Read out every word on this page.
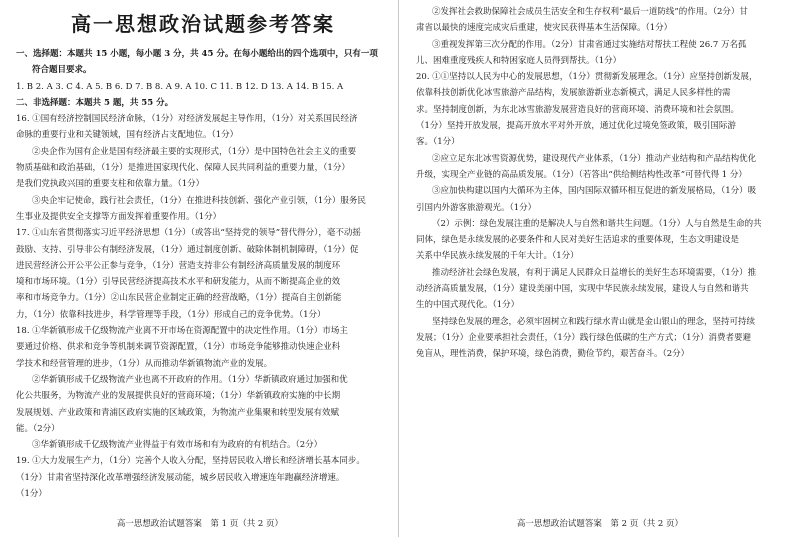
高一思想政治试题参考答案
一、选择题：本题共 15 小题，每小题 3 分，共 45 分。在每小题给出的四个选项中，只有一项
符合题目要求。
1. B 2. A 3. C 4. A 5. B 6. D 7. B 8. A 9. A 10. C 11. B 12. D 13. A 14. B 15. A
二、非选择题：本题共 5 题，共 55 分。
16. ①国有经济控制国民经济命脉，（1分）对经济发展起主导作用，（1分）对关系国民经济
命脉的重要行业和关键领域，国有经济占支配地位。（1分）
②央企作为国有企业是国有经济最主要的实现形式，（1分）是中国特色社会主义的重要
物质基础和政治基础，（1分）是推进国家现代化、保障人民共同利益的重要力量，（1分）
是我们党执政兴国的重要支柱和依靠力量。（1分）
③央企牢记使命，践行社会责任，（1分）在推进科技创新、强化产业引领，（1分）服务民
生事业及提供安全支撑等方面发挥着重要作用。（1分）
17. ①山东省贯彻落实习近平经济思想（1分）（或答出“坚持党的领导”替代得分），毫不动摇
鼓励、支持、引导非公有制经济发展，（1分）通过制度创新、破除体制机制障碍，（1分）促
进民营经济公开公平公正参与竞争，（1分）营造支持非公有制经济高质量发展的制度环
境和市场环境。（1分）引导民营经济提高技术水平和研发能力，从而不断提高企业的效
率和市场竞争力。（1分）②山东民营企业制定正确的经营战略，（1分）提高自主创新能
力，（1分）依靠科技进步，科学管理等手段，（1分）形成自己的竞争优势。（1分）
18. ①华新镇形成千亿级物流产业离不开市场在资源配置中的决定性作用。（1分）市场主
要通过价格、供求和竞争等机制来调节资源配置，（1分）市场竞争能够推动快速企业科
学技术和经营管理的进步，（1分）从而推动华新镇物流产业的发展。
②华新镇形成千亿级物流产业也离不开政府的作用。（1分）华新镇政府通过加强和优
化公共服务，为物流产业的发展提供良好的营商环境；（1分）华新镇政府实施的中长期
发展规划、产业政策和青浦区政府实施的区域政策，为物流产业集聚和转型发展有效赋
能。（2分）
③华新镇形成千亿级物流产业得益于有效市场和有为政府的有机结合。（2分）
19. ①大力发展生产力，（1分）完善个人收入分配，坚持居民收入增长和经济增长基本同步。
（1分）甘肃省坚持深化改革增强经济发展动能，城乡居民收入增速连年跑赢经济增速。
（1分）
高一思想政治试题答案　第 1 页（共 2 页）
②发挥社会救助保障社会成员生活安全和生存权利“最后一道防线”的作用。（2分）甘
肃省以最快的速度完成灾后重建，使灾民获得基本生活保障。（1分）
③重视发挥第三次分配的作用。（2分）甘肃省通过实施结对帮扶工程使 26.7 万名孤
儿、困难重度残疾人和特困家庭人员得到帮扶。（1分）
20. ①①坚持以人民为中心的发展思想，（1分）贯彻新发展理念。（1分）应坚持创新发展，
依靠科技创新优化冰雪旅游产品结构，发展旅游新业态新模式，满足人民多样性的需
求。坚持制度创新，为东北冰雪旅游发展营造良好的营商环境、消费环境和社会氛围。
（1分）坚持开放发展，提高开放水平对外开放，通过优化过境免签政策，吸引国际游
客。（1分）
②应立足东北冰雪资源优势，建设现代产业体系，（1分）推动产业结构和产品结构优化
升级，实现全产业链的高品质发展。（1分）（若答出“供给侧结构性改革”可替代得 1 分）
③应加快构建以国内大循环为主体，国内国际双循环相互促进的新发展格局，（1分）吸
引国内外游客旅游观光。（1分）
（2）示例：绿色发展注重的是解决人与自然和谐共生问题。（1分）人与自然是生命的共
同体，绿色是永续发展的必要条件和人民对美好生活追求的重要体现，生态文明建设是
关系中华民族永续发展的千年大计。（1分）
推动经济社会绿色发展，有利于满足人民群众日益增长的美好生态环境需要，（1分）推
动经济高质量发展，（1分）建设美丽中国，实现中华民族永续发展，建设人与自然和谐共
生的中国式现代化。（1分）
坚持绿色发展的理念，必须牢固树立和践行绿水青山就是金山银山的理念，坚持可持续
发展；（1分）企业要承担社会责任，（1分）践行绿色低碳的生产方式；（1分）消费者要避
免盲从，理性消费，保护环境，绿色消费，勤俭节约，艰苦奋斗。（2分）
高一思想政治试题答案　第 2 页（共 2 页）
